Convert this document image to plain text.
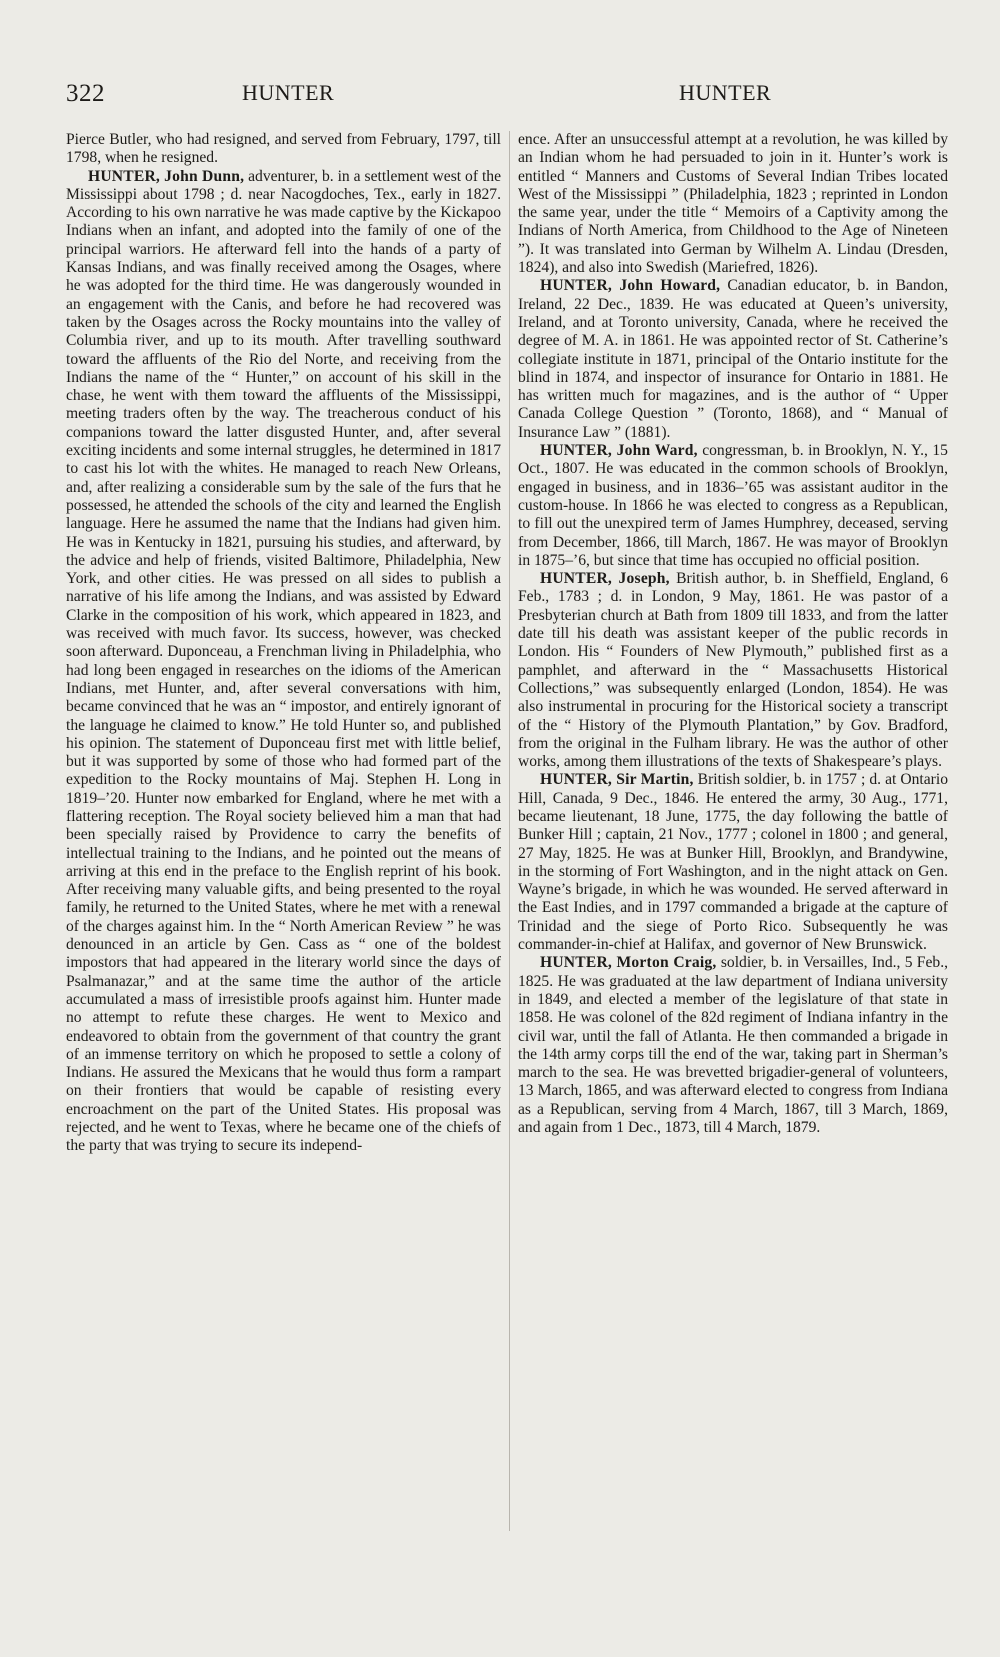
322	HUNTER	HUNTER

Pierce Butler, who had resigned, and served from February, 1797, till 1798, when he resigned.

HUNTER, John Dunn, adventurer, b. in a settlement west of the Mississippi about 1798 ; d. near Nacogdoches, Tex., early in 1827. According to his own narrative he was made captive by the Kickapoo Indians when an infant, and adopted into the family of one of the principal warriors. He afterward fell into the hands of a party of Kansas Indians, and was finally received among the Osages, where he was adopted for the third time. He was dangerously wounded in an engagement with the Canis, and before he had recovered was taken by the Osages across the Rocky mountains into the valley of Columbia river, and up to its mouth. After travelling southward toward the affluents of the Rio del Norte, and receiving from the Indians the name of the “ Hunter,” on account of his skill in the chase, he went with them toward the affluents of the Mississippi, meeting traders often by the way. The treacherous conduct of his companions toward the latter disgusted Hunter, and, after several exciting incidents and some internal struggles, he determined in 1817 to cast his lot with the whites. He managed to reach New Orleans, and, after realizing a considerable sum by the sale of the furs that he possessed, he attended the schools of the city and learned the English language. Here he assumed the name that the Indians had given him. He was in Kentucky in 1821, pursuing his studies, and afterward, by the advice and help of friends, visited Baltimore, Philadelphia, New York, and other cities. He was pressed on all sides to publish a narrative of his life among the Indians, and was assisted by Edward Clarke in the composition of his work, which appeared in 1823, and was received with much favor. Its success, however, was checked soon afterward. Duponceau, a Frenchman living in Philadelphia, who had long been engaged in researches on the idioms of the American Indians, met Hunter, and, after several conversations with him, became convinced that he was an “ impostor, and entirely ignorant of the language he claimed to know.” He told Hunter so, and published his opinion. The statement of Duponceau first met with little belief, but it was supported by some of those who had formed part of the expedition to the Rocky mountains of Maj. Stephen H. Long in 1819–’20. Hunter now embarked for England, where he met with a flattering reception. The Royal society believed him a man that had been specially raised by Providence to carry the benefits of intellectual training to the Indians, and he pointed out the means of arriving at this end in the preface to the English reprint of his book. After receiving many valuable gifts, and being presented to the royal family, he returned to the United States, where he met with a renewal of the charges against him. In the “ North American Review ” he was denounced in an article by Gen. Cass as “ one of the boldest impostors that had appeared in the literary world since the days of Psalmanazar,” and at the same time the author of the article accumulated a mass of irresistible proofs against him. Hunter made no attempt to refute these charges. He went to Mexico and endeavored to obtain from the government of that country the grant of an immense territory on which he proposed to settle a colony of Indians. He assured the Mexicans that he would thus form a rampart on their frontiers that would be capable of resisting every encroachment on the part of the United States. His proposal was rejected, and he went to Texas, where he became one of the chiefs of the party that was trying to secure its independ-

ence. After an unsuccessful attempt at a revolution, he was killed by an Indian whom he had persuaded to join in it. Hunter’s work is entitled “ Manners and Customs of Several Indian Tribes located West of the Mississippi ” (Philadelphia, 1823 ; reprinted in London the same year, under the title “ Memoirs of a Captivity among the Indians of North America, from Childhood to the Age of Nineteen ”). It was translated into German by Wilhelm A. Lindau (Dresden, 1824), and also into Swedish (Mariefred, 1826).

HUNTER, John Howard, Canadian educator, b. in Bandon, Ireland, 22 Dec., 1839. He was educated at Queen’s university, Ireland, and at Toronto university, Canada, where he received the degree of M. A. in 1861. He was appointed rector of St. Catherine’s collegiate institute in 1871, principal of the Ontario institute for the blind in 1874, and inspector of insurance for Ontario in 1881. He has written much for magazines, and is the author of “ Upper Canada College Question ” (Toronto, 1868), and “ Manual of Insurance Law ” (1881).

HUNTER, John Ward, congressman, b. in Brooklyn, N. Y., 15 Oct., 1807. He was educated in the common schools of Brooklyn, engaged in business, and in 1836–’65 was assistant auditor in the custom-house. In 1866 he was elected to congress as a Republican, to fill out the unexpired term of James Humphrey, deceased, serving from December, 1866, till March, 1867. He was mayor of Brooklyn in 1875–’6, but since that time has occupied no official position.

HUNTER, Joseph, British author, b. in Sheffield, England, 6 Feb., 1783 ; d. in London, 9 May, 1861. He was pastor of a Presbyterian church at Bath from 1809 till 1833, and from the latter date till his death was assistant keeper of the public records in London. His “ Founders of New Plymouth,” published first as a pamphlet, and afterward in the “ Massachusetts Historical Collections,” was subsequently enlarged (London, 1854). He was also instrumental in procuring for the Historical society a transcript of the “ History of the Plymouth Plantation,” by Gov. Bradford, from the original in the Fulham library. He was the author of other works, among them illustrations of the texts of Shakespeare’s plays.

HUNTER, Sir Martin, British soldier, b. in 1757 ; d. at Ontario Hill, Canada, 9 Dec., 1846. He entered the army, 30 Aug., 1771, became lieutenant, 18 June, 1775, the day following the battle of Bunker Hill ; captain, 21 Nov., 1777 ; colonel in 1800 ; and general, 27 May, 1825. He was at Bunker Hill, Brooklyn, and Brandywine, in the storming of Fort Washington, and in the night attack on Gen. Wayne’s brigade, in which he was wounded. He served afterward in the East Indies, and in 1797 commanded a brigade at the capture of Trinidad and the siege of Porto Rico. Subsequently he was commander-in-chief at Halifax, and governor of New Brunswick.

HUNTER, Morton Craig, soldier, b. in Versailles, Ind., 5 Feb., 1825. He was graduated at the law department of Indiana university in 1849, and elected a member of the legislature of that state in 1858. He was colonel of the 82d regiment of Indiana infantry in the civil war, until the fall of Atlanta. He then commanded a brigade in the 14th army corps till the end of the war, taking part in Sherman’s march to the sea. He was brevetted brigadier-general of volunteers, 13 March, 1865, and was afterward elected to congress from Indiana as a Republican, serving from 4 March, 1867, till 3 March, 1869, and again from 1 Dec., 1873, till 4 March, 1879.
